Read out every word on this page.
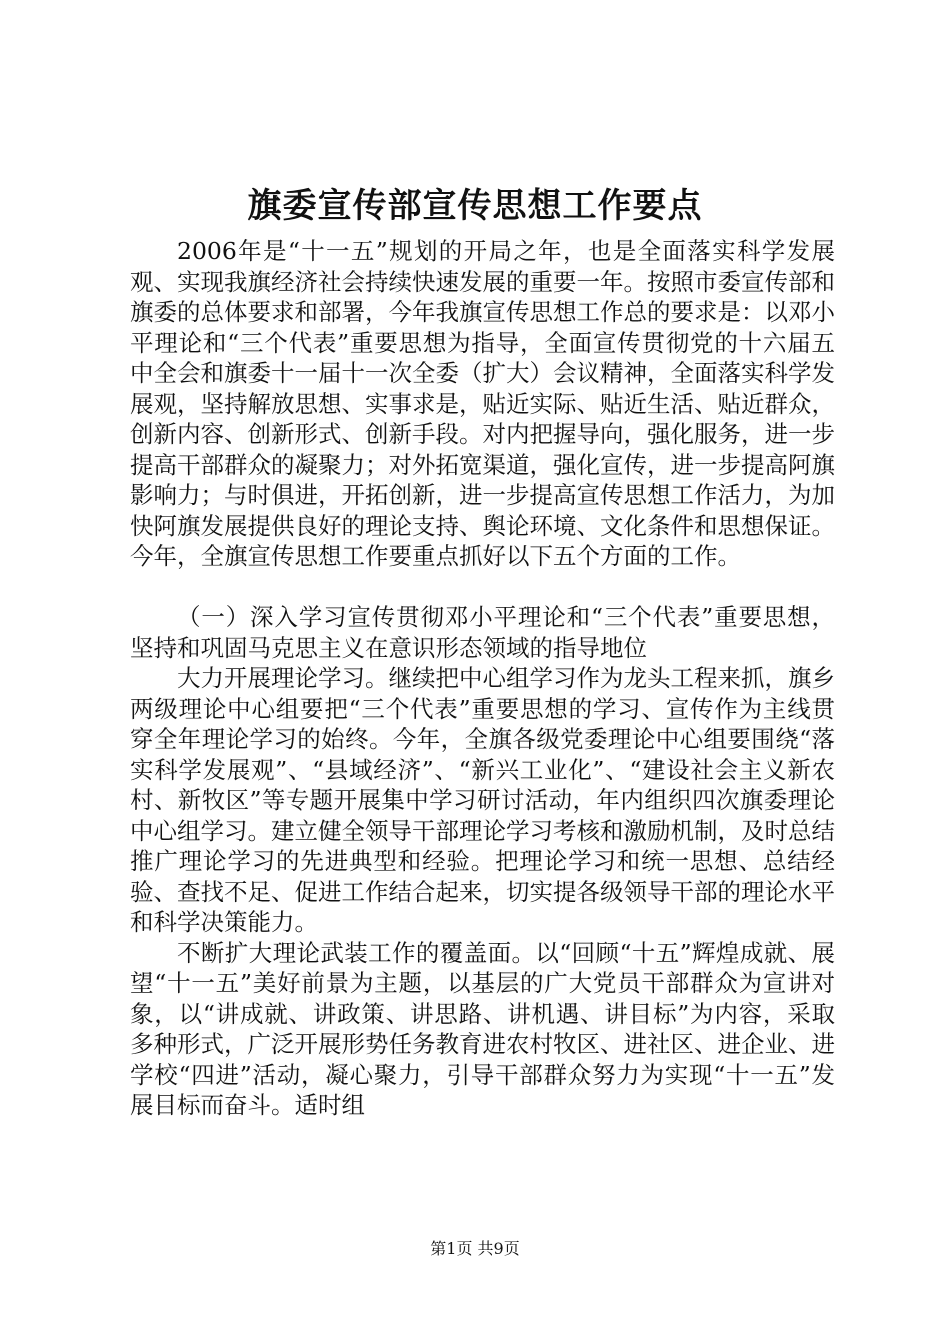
旗委宣传部宣传思想工作要点

2006年是“十一五”规划的开局之年，也是全面落实科学发展观、实现我旗经济社会持续快速发展的重要一年。按照市委宣传部和旗委的总体要求和部署，今年我旗宣传思想工作总的要求是：以邓小平理论和“三个代表”重要思想为指导，全面宣传贯彻党的十六届五中全会和旗委十一届十一次全委（扩大）会议精神，全面落实科学发展观，坚持解放思想、实事求是，贴近实际、贴近生活、贴近群众，创新内容、创新形式、创新手段。对内把握导向，强化服务，进一步提高干部群众的凝聚力；对外拓宽渠道，强化宣传，进一步提高阿旗影响力；与时俱进，开拓创新，进一步提高宣传思想工作活力，为加快阿旗发展提供良好的理论支持、舆论环境、文化条件和思想保证。今年，全旗宣传思想工作要重点抓好以下五个方面的工作。

（一）深入学习宣传贯彻邓小平理论和“三个代表”重要思想，坚持和巩固马克思主义在意识形态领域的指导地位

大力开展理论学习。继续把中心组学习作为龙头工程来抓，旗乡两级理论中心组要把“三个代表”重要思想的学习、宣传作为主线贯穿全年理论学习的始终。今年，全旗各级党委理论中心组要围绕“落实科学发展观”、“县域经济”、“新兴工业化”、“建设社会主义新农村、新牧区”等专题开展集中学习研讨活动，年内组织四次旗委理论中心组学习。建立健全领导干部理论学习考核和激励机制，及时总结推广理论学习的先进典型和经验。把理论学习和统一思想、总结经验、查找不足、促进工作结合起来，切实提各级领导干部的理论水平和科学决策能力。

不断扩大理论武装工作的覆盖面。以“回顾“十五”辉煌成就、展望“十一五”美好前景为主题，以基层的广大党员干部群众为宣讲对象，以“讲成就、讲政策、讲思路、讲机遇、讲目标”为内容，采取多种形式，广泛开展形势任务教育进农村牧区、进社区、进企业、进学校“四进”活动，凝心聚力，引导干部群众努力为实现“十一五”发展目标而奋斗。适时组

第1页 共9页
